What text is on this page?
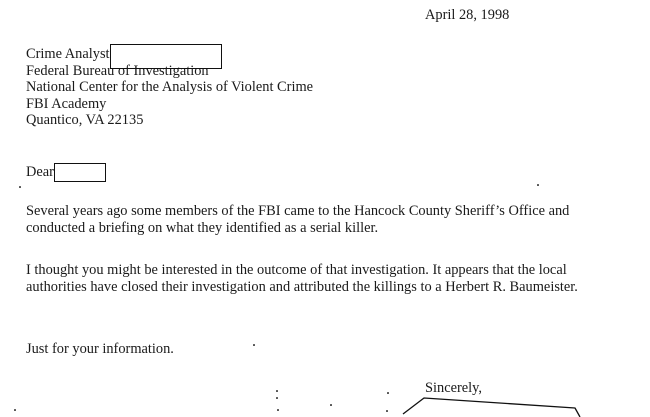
April 28, 1998
Crime Analyst
Federal Bureau of Investigation
National Center for the Analysis of Violent Crime
FBI Academy
Quantico, VA 22135
Dear
Several years ago some members of the FBI came to the Hancock County Sheriff’s Office and conducted a briefing on what they identified as a serial killer.
I thought you might be interested in the outcome of that investigation. It appears that the local authorities have closed their investigation and attributed the killings to a Herbert R. Baumeister.
Just for your information.
Sincerely,
